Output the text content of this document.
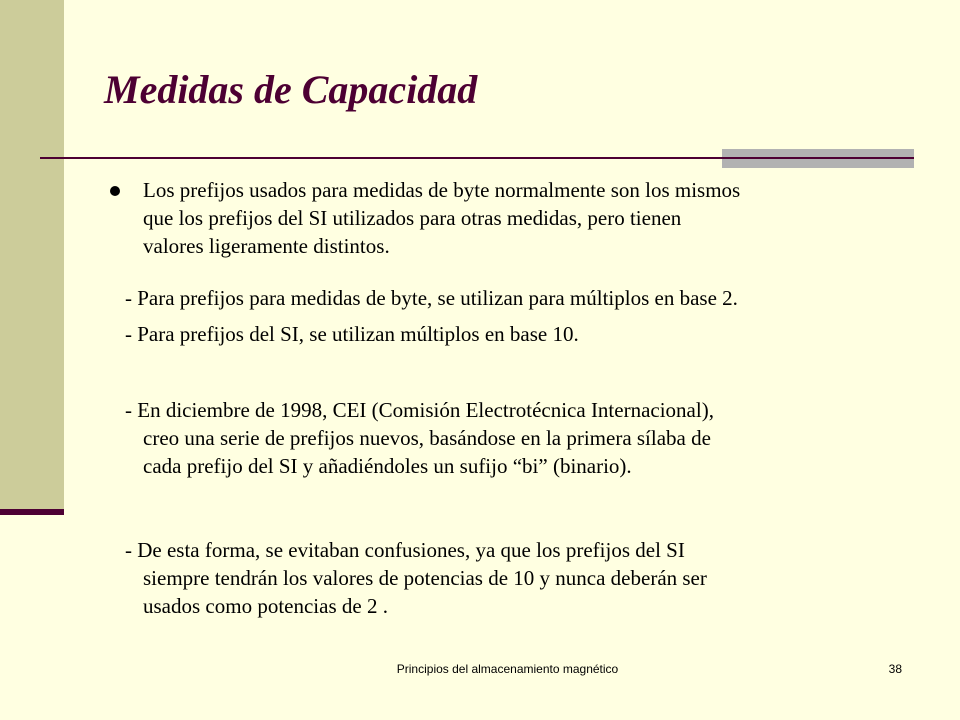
Medidas de Capacidad
Los prefijos usados para medidas de byte normalmente son los mismos
que los prefijos del SI utilizados para otras medidas, pero tienen
valores ligeramente distintos.
- Para prefijos para medidas de byte, se utilizan para múltiplos en base 2.
- Para prefijos del SI, se utilizan múltiplos en base 10.
- En diciembre de 1998, CEI (Comisión Electrotécnica Internacional),
creo una serie de prefijos nuevos, basándose en la primera sílaba de
cada prefijo del SI y añadiéndoles un sufijo “bi” (binario).
- De esta forma, se evitaban confusiones, ya que los prefijos del SI
siempre tendrán los valores de potencias de 10 y nunca deberán ser
usados como potencias de 2 .
Principios del almacenamiento magnético	38
